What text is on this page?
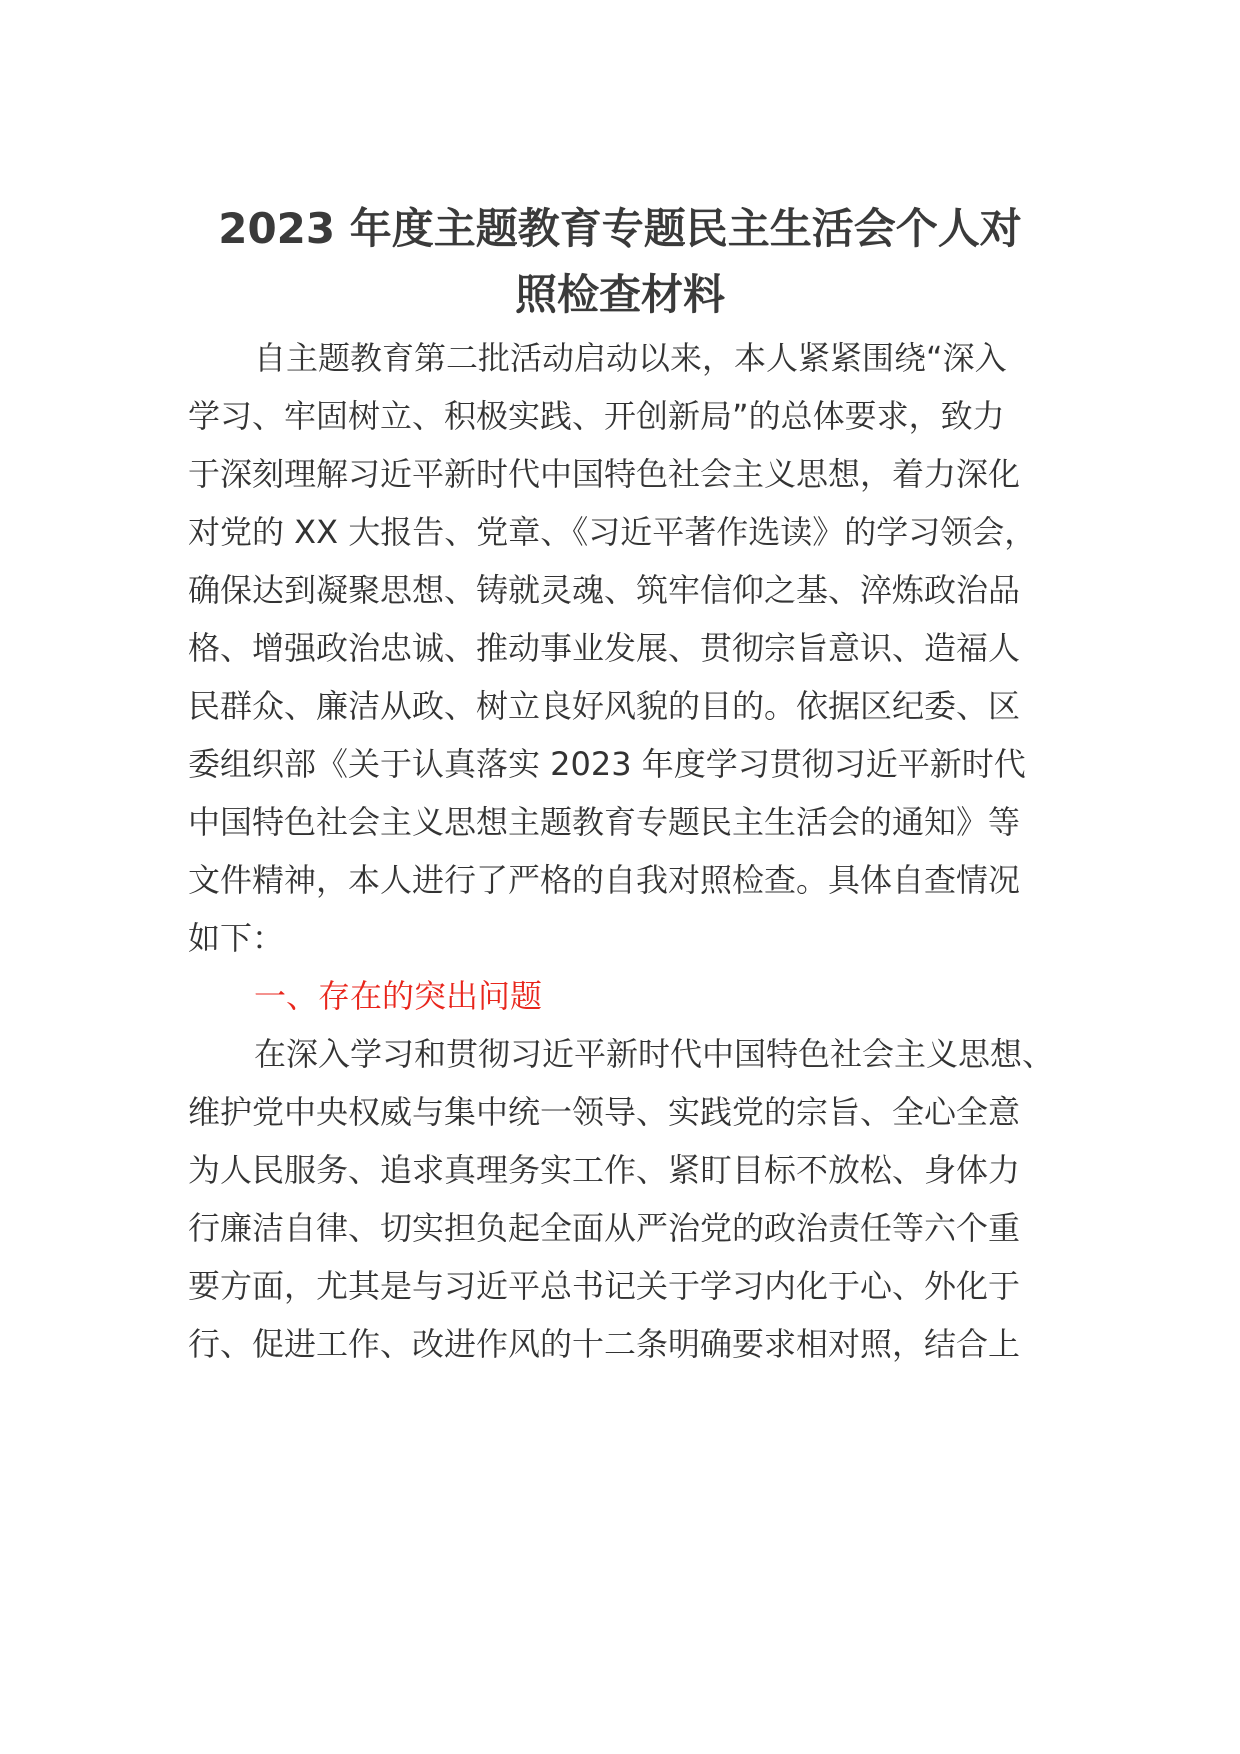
2023 年度主题教育专题民主生活会个人对
照检查材料

自主题教育第二批活动启动以来，本人紧紧围绕“深入

学习、牢固树立、积极实践、开创新局”的总体要求，致力

于深刻理解习近平新时代中国特色社会主义思想，着力深化

对党的 XX 大报告、党章、《习近平著作选读》的学习领会，

确保达到凝聚思想、铸就灵魂、筑牢信仰之基、淬炼政治品

格、增强政治忠诚、推动事业发展、贯彻宗旨意识、造福人

民群众、廉洁从政、树立良好风貌的目的。依据区纪委、区

委组织部《关于认真落实 2023 年度学习贯彻习近平新时代

中国特色社会主义思想主题教育专题民主生活会的通知》等

文件精神，本人进行了严格的自我对照检查。具体自查情况

如下：

一、存在的突出问题

在深入学习和贯彻习近平新时代中国特色社会主义思想、

维护党中央权威与集中统一领导、实践党的宗旨、全心全意

为人民服务、追求真理务实工作、紧盯目标不放松、身体力

行廉洁自律、切实担负起全面从严治党的政治责任等六个重

要方面，尤其是与习近平总书记关于学习内化于心、外化于

行、促进工作、改进作风的十二条明确要求相对照，结合上
